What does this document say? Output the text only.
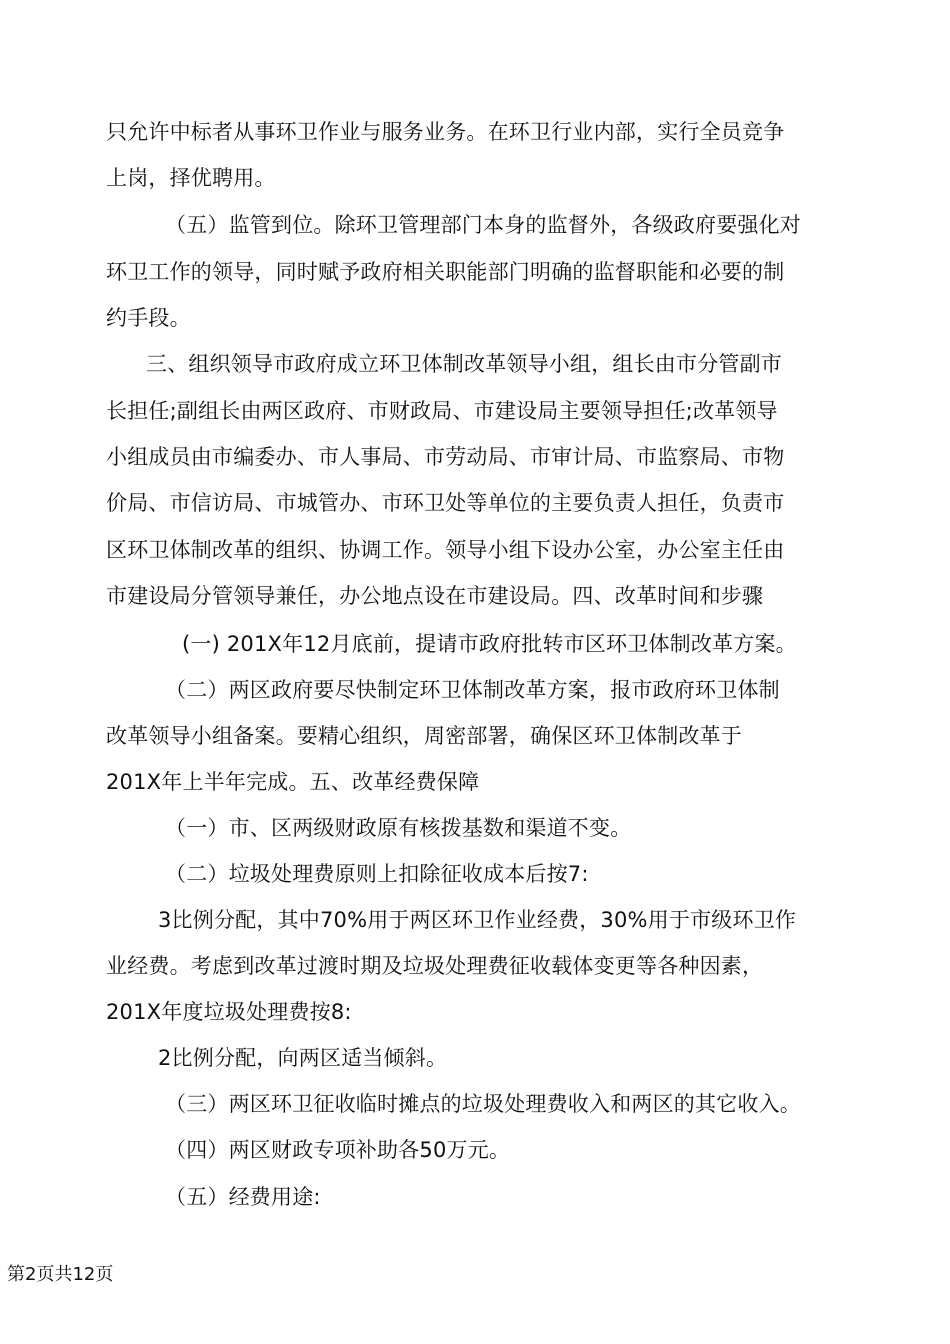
只允许中标者从事环卫作业与服务业务。在环卫行业内部，实行全员竞争
上岗，择优聘用。
（五）监管到位。除环卫管理部门本身的监督外，各级政府要强化对
环卫工作的领导，同时赋予政府相关职能部门明确的监督职能和必要的制
约手段。
三、组织领导市政府成立环卫体制改革领导小组，组长由市分管副市
长担任;副组长由两区政府、市财政局、市建设局主要领导担任;改革领导
小组成员由市编委办、市人事局、市劳动局、市审计局、市监察局、市物
价局、市信访局、市城管办、市环卫处等单位的主要负责人担任，负责市
区环卫体制改革的组织、协调工作。领导小组下设办公室，办公室主任由
市建设局分管领导兼任，办公地点设在市建设局。四、改革时间和步骤
(一) 201X年12月底前，提请市政府批转市区环卫体制改革方案。
（二）两区政府要尽快制定环卫体制改革方案，报市政府环卫体制
改革领导小组备案。要精心组织，周密部署，确保区环卫体制改革于
201X年上半年完成。五、改革经费保障
（一）市、区两级财政原有核拨基数和渠道不变。
（二）垃圾处理费原则上扣除征收成本后按7:
3比例分配，其中70%用于两区环卫作业经费，30%用于市级环卫作
业经费。考虑到改革过渡时期及垃圾处理费征收载体变更等各种因素，
201X年度垃圾处理费按8:
2比例分配，向两区适当倾斜。
（三）两区环卫征收临时摊点的垃圾处理费收入和两区的其它收入。
（四）两区财政专项补助各50万元。
（五）经费用途:
第2页共12页
